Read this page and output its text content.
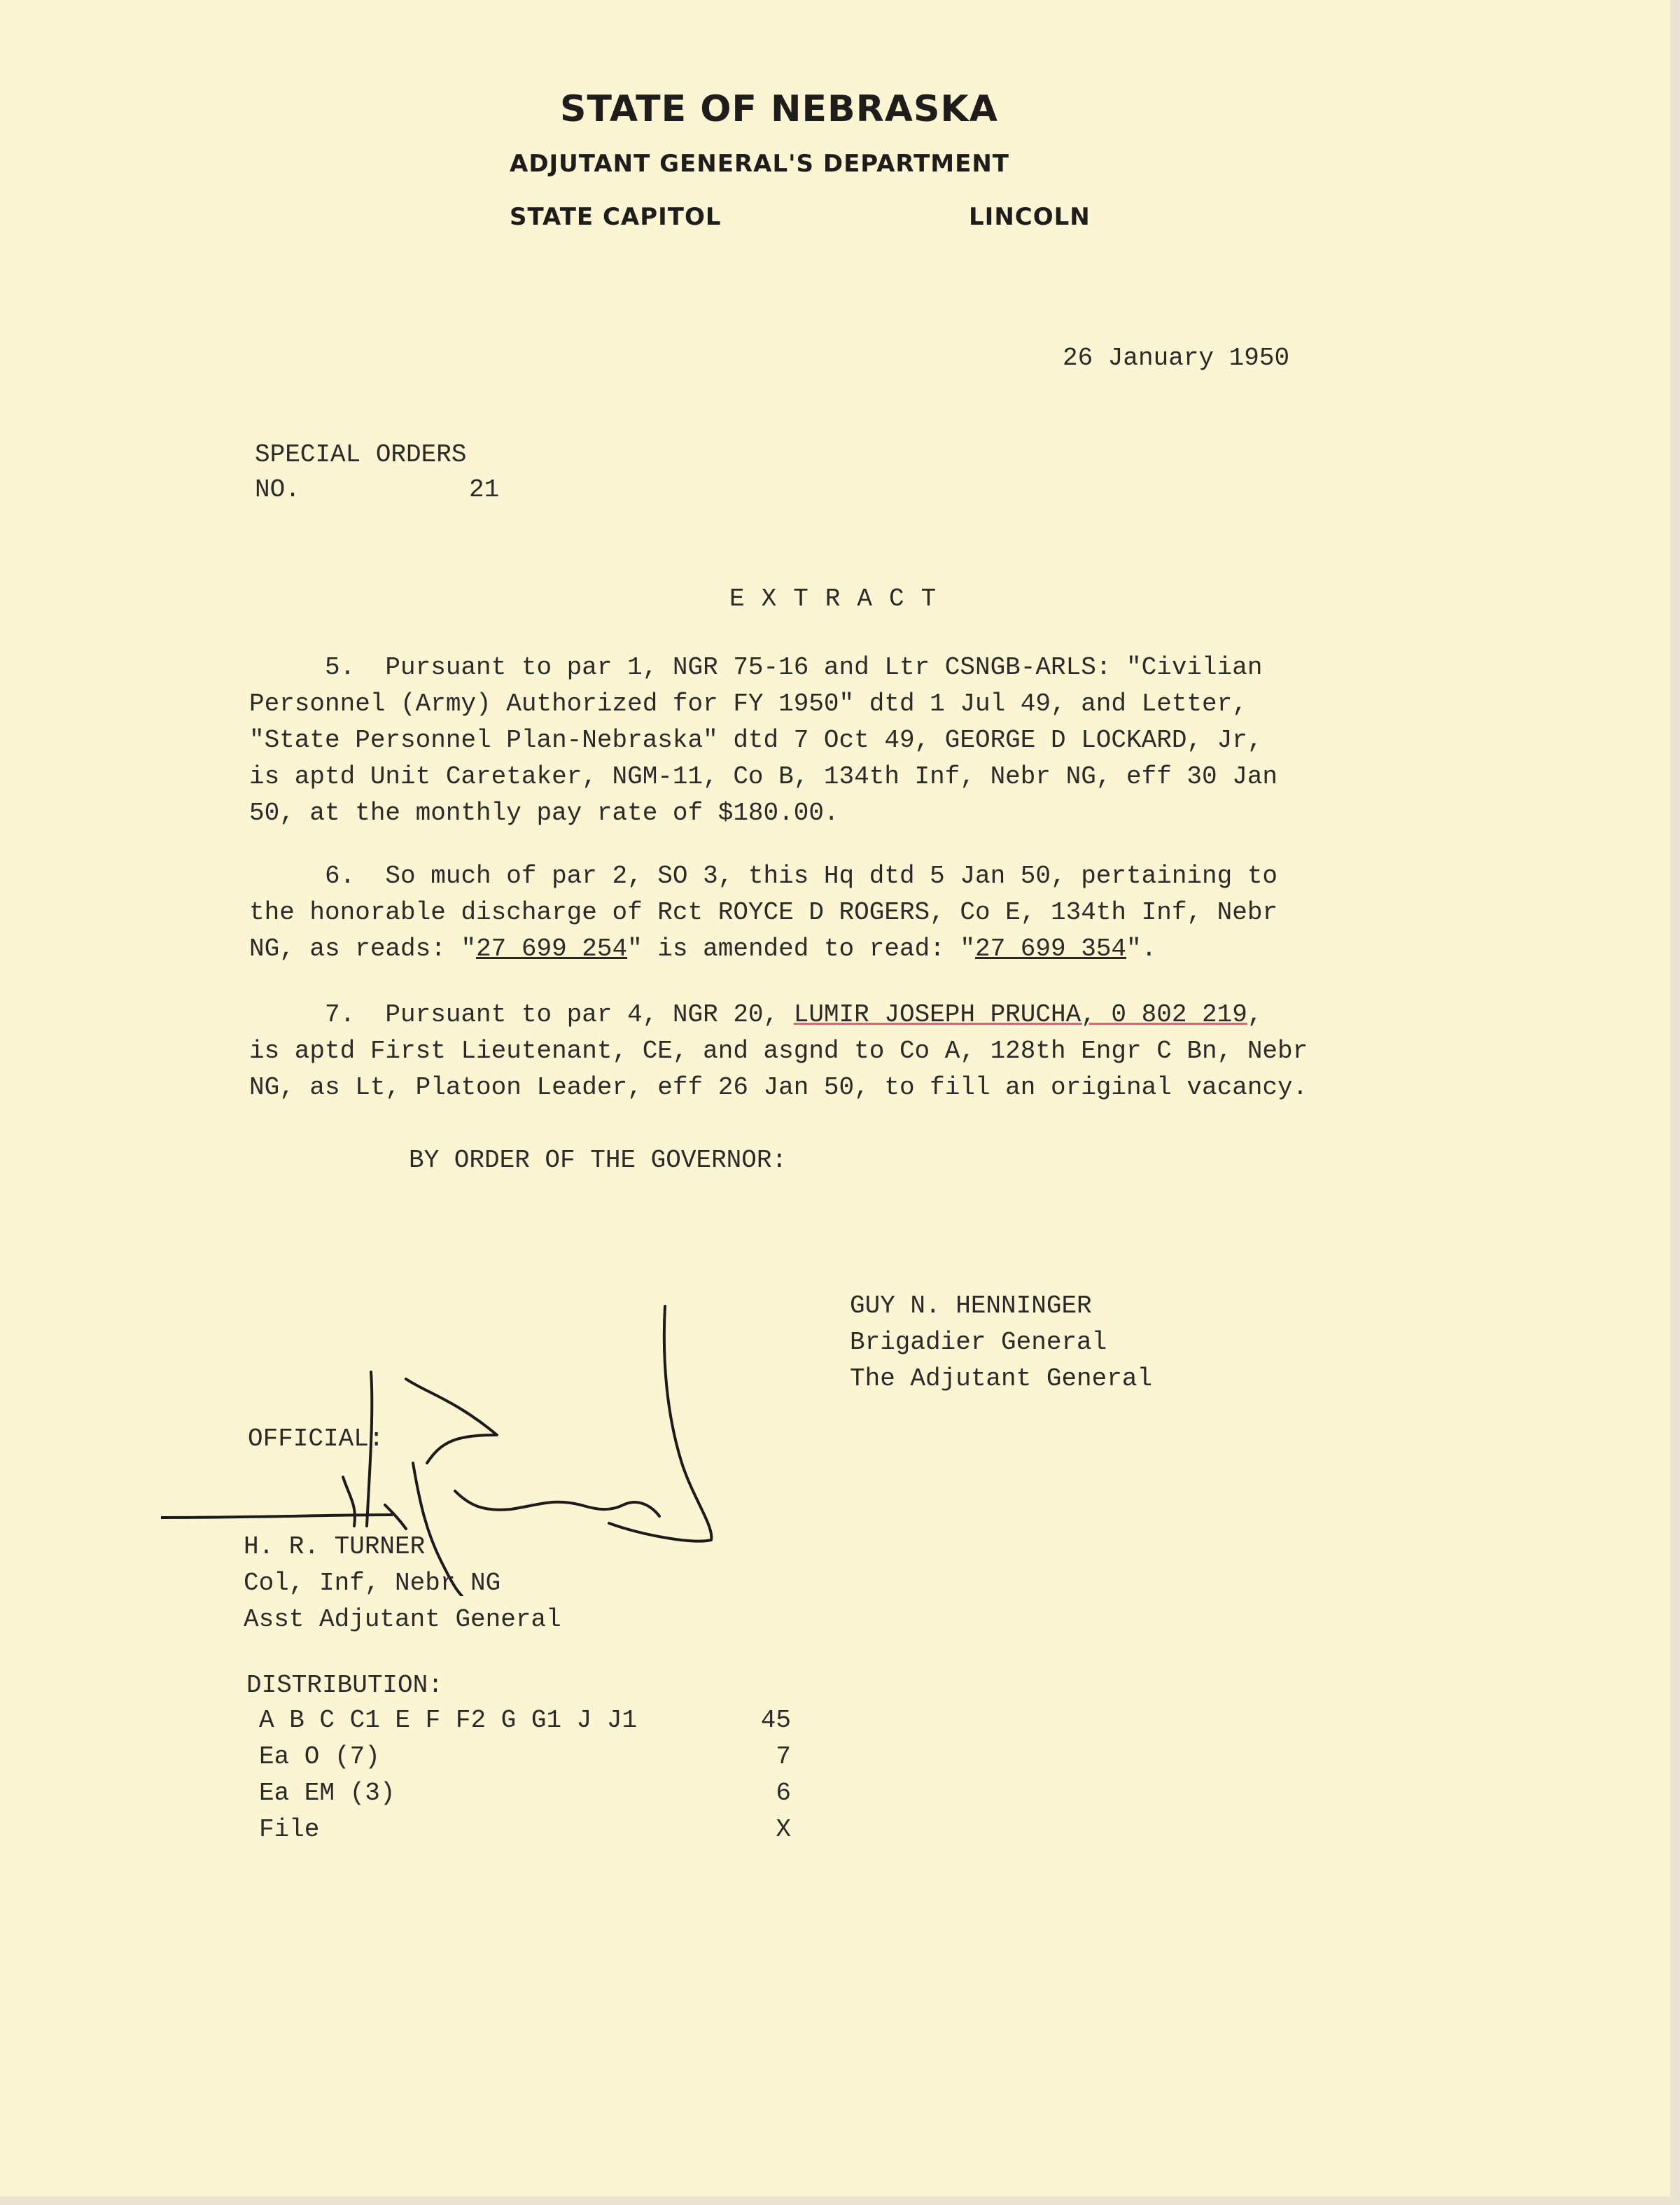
STATE OF NEBRASKA
ADJUTANT GENERAL'S DEPARTMENT
STATE CAPITOL	LINCOLN
26 January 1950
SPECIAL ORDERS
NO.	21
EXTRACT
5.  Pursuant to par 1, NGR 75-16 and Ltr CSNGB-ARLS: "Civilian
Personnel (Army) Authorized for FY 1950" dtd 1 Jul 49, and Letter,
"State Personnel Plan-Nebraska" dtd 7 Oct 49, GEORGE D LOCKARD, Jr,
is aptd Unit Caretaker, NGM-11, Co B, 134th Inf, Nebr NG, eff 30 Jan
50, at the monthly pay rate of $180.00.
6.  So much of par 2, SO 3, this Hq dtd 5 Jan 50, pertaining to
the honorable discharge of Rct ROYCE D ROGERS, Co E, 134th Inf, Nebr
NG, as reads: "27 699 254" is amended to read: "27 699 354".
7.  Pursuant to par 4, NGR 20, LUMIR JOSEPH PRUCHA, 0 802 219,
is aptd First Lieutenant, CE, and asgnd to Co A, 128th Engr C Bn, Nebr
NG, as Lt, Platoon Leader, eff 26 Jan 50, to fill an original vacancy.
BY ORDER OF THE GOVERNOR:
GUY N. HENNINGER
Brigadier General
The Adjutant General
OFFICIAL:
H. R. TURNER
Col, Inf, Nebr NG
Asst Adjutant General
DISTRIBUTION:
A B C C1 E F F2 G G1 J J1	45
Ea O (7)	7
Ea EM (3)	6
File	X
